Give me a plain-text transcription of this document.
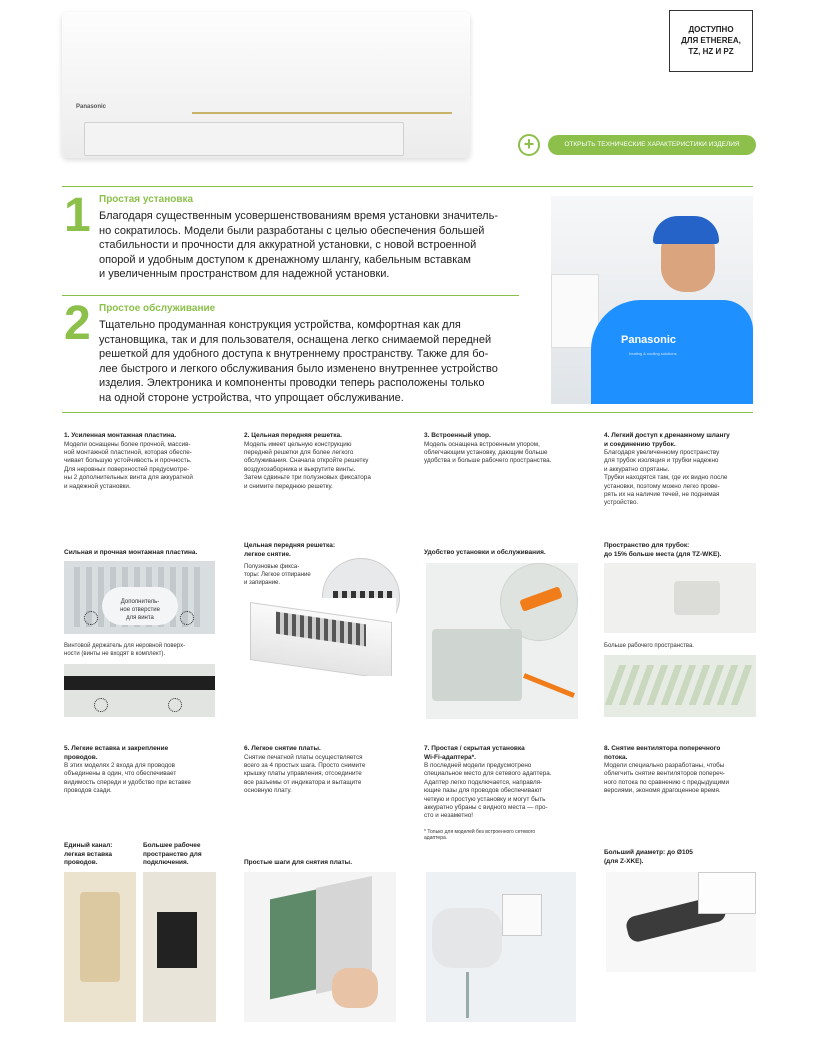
Panasonic
ДОСТУПНО
ДЛЯ ETHEREA,
TZ, HZ И PZ
+	ОТКРЫТЬ ТЕХНИЧЕСКИЕ ХАРАКТЕРИСТИКИ ИЗДЕЛИЯ
1 Простая установка
Благодаря существенным усовершенствованиям время установки значитель-
но сократилось. Модели были разработаны с целью обеспечения большей
стабильности и прочности для аккуратной установки, с новой встроенной
опорой и удобным доступом к дренажному шлангу, кабельным вставкам
и увеличенным пространством для надежной установки.
2 Простое обслуживание
Тщательно продуманная конструкция устройства, комфортная как для
установщика, так и для пользователя, оснащена легко снимаемой передней
решеткой для удобного доступа к внутреннему пространству. Также для бо-
лее быстрого и легкого обслуживания было изменено внутреннее устройство
изделия. Электроника и компоненты проводки теперь расположены только
на одной стороне устройства, что упрощает обслуживание.
Panasonic
heating & cooling solutions
1. Усиленная монтажная пластина.
Модели оснащены более прочной, массив-
ной монтажной пластиной, которая обеспе-
чивает большую устойчивость и прочность.
Для неровных поверхностей предусмотре-
ны 2 дополнительных винта для аккуратной
и надежной установки.
2. Цельная передняя решетка.
Модель имеет цельную конструкцию
передней решетки для более легкого
обслуживания. Сначала откройте решетку
воздухозаборника и выкрутите винты.
Затем сдвиньте три полузновых фиксатора
и снимите переднюю решетку.
3. Встроенный упор.
Модель оснащена встроенным упором,
облегчающим установку, дающим больше
удобства и больше рабочего пространства.
4. Легкий доступ к дренажному шлангу
и соединению трубок.
Благодаря увеличенному пространству
для трубок изоляция и трубки надежно
и аккуратно спрятаны.
Трубки находятся там, где их видно после
установки, поэтому можно легко прове-
рять их на наличие течей, не поднимая
устройство.
Сильная и прочная монтажная пластина.
Дополнитель-
ное отверстие
для винта
Винтовой держатель для неровной поверх-
ности (винты не входят в комплект).
Цельная передняя решетка:
легкое снятие.
Полузновые фикса-
торы: Легкое отпирание
и запирание.
Удобство установки и обслуживания.
Пространство для трубок:
до 15% больше места (для TZ-WKE).
Больше рабочего пространства.
5. Легкие вставка и закрепление
проводов.
В этих моделях 2 входа для проводов
объединены в один, что обеспечивает
видимость спереди и удобство при вставке
проводов сзади.
6. Легкое снятие платы.
Снятие печатной платы осуществляется
всего за 4 простых шага. Просто снимите
крышку платы управления, отсоедините
все разъемы от индикатора и вытащите
основную плату.
7. Простая / скрытая установка
Wi-Fi-адаптера*.
В последней модели предусмотрено
специальное место для сетевого адаптера.
Адаптер легко подключается, направля-
ющие пазы для проводов обеспечивают
четкую и простую установку и могут быть
аккуратно убраны с видного места — про-
сто и незаметно!
* Только для моделей без встроенного сетевого
адаптера.
8. Снятие вентилятора поперечного
потока.
Модели специально разработаны, чтобы
облегчить снятие вентиляторов попереч-
ного потока по сравнению с предыдущими
версиями, экономя драгоценное время.
Единый канал:
легкая вставка
проводов.
Большее рабочее
пространство для
подключения.	Простые шаги для снятия платы.
Больший диаметр: до Ø105
(для Z-XKE).
